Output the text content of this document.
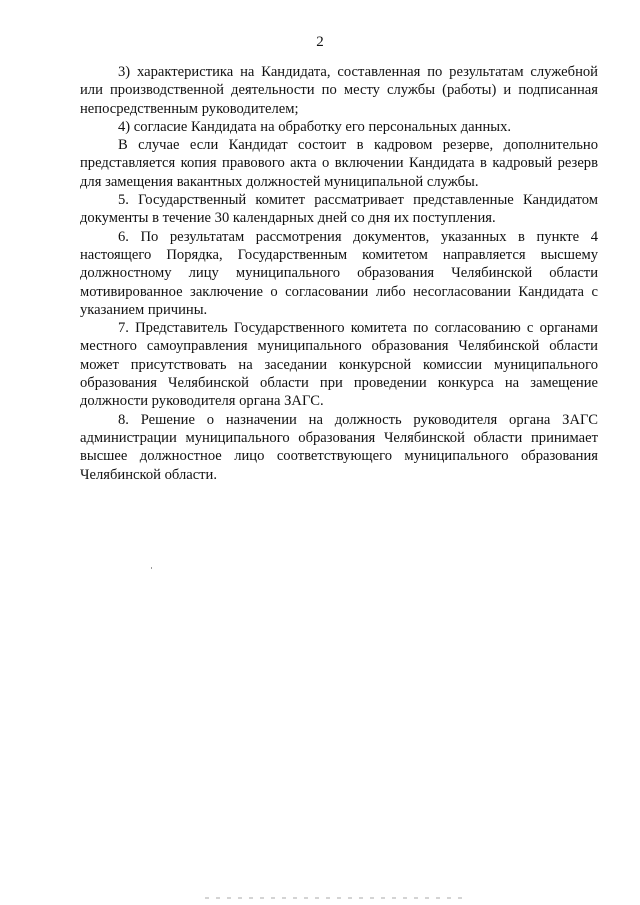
2

3) характеристика на Кандидата, составленная по результатам служебной или производственной деятельности по месту службы (работы) и подписанная непосредственным руководителем;

4) согласие Кандидата на обработку его персональных данных.

В случае если Кандидат состоит в кадровом резерве, дополнительно представляется копия правового акта о включении Кандидата в кадровый резерв для замещения вакантных должностей муниципальной службы.

5. Государственный комитет рассматривает представленные Кандидатом документы в течение 30 календарных дней со дня их поступления.

6. По результатам рассмотрения документов, указанных в пункте 4 настоящего Порядка, Государственным комитетом направляется высшему должностному лицу муниципального образования Челябинской области мотивированное заключение о согласовании либо несогласовании Кандидата с указанием причины.

7. Представитель Государственного комитета по согласованию с органами местного самоуправления муниципального образования Челябинской области может присутствовать на заседании конкурсной комиссии муниципального образования Челябинской области при проведении конкурса на замещение должности руководителя органа ЗАГС.

8. Решение о назначении на должность руководителя органа ЗАГС администрации муниципального образования Челябинской области принимает высшее должностное лицо соответствующего муниципального образования Челябинской области.
